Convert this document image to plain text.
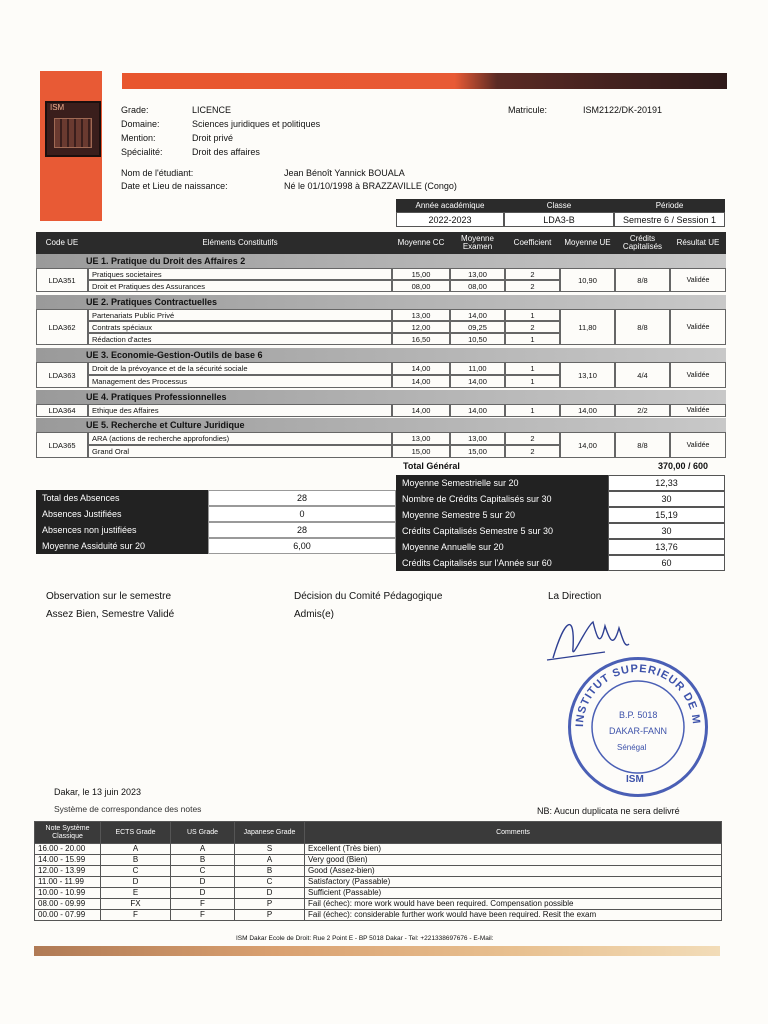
ISM	Grade:	LICENCE
Domaine:	Sciences juridiques et politiques
Mention:	Droit privé
Spécialité:	Droit des affaires
Matricule:	ISM2122/DK-20191
Nom de l'étudiant:	Jean Bénoît Yannick BOUALA
Date et Lieu de naissance:	Né le 01/10/1998 à BRAZZAVILLE (Congo)
Année académique	Classe	Période
2022-2023	LDA3-B	Semestre 6 / Session 1
Code UE	Eléments Constitutifs	Moyenne CC	Moyenne Examen	Coefficient	Moyenne UE	Crédits Capitalisés	Résultat UE
UE 1. Pratique du Droit des Affaires 2
LDA351
Pratiques societaires	15,00	13,00	2
Droit et Pratiques des Assurances	08,00	08,00	2
10,90	8/8	Validée
UE 2. Pratiques Contractuelles
LDA362
Partenariats Public Privé	13,00	14,00	1
Contrats spéciaux	12,00	09,25	2
Rédaction d'actes	16,50	10,50	1
11,80	8/8	Validée
UE 3. Economie-Gestion-Outils de base 6
LDA363
Droit de la prévoyance et de la sécurité sociale	14,00	11,00	1
Management des Processus	14,00	14,00	1
13,10	4/4	Validée
UE 4. Pratiques Professionnelles
LDA364	Ethique des Affaires	14,00	14,00	1	14,00	2/2	Validée
UE 5. Recherche et Culture Juridique
LDA365
ARA (actions de recherche approfondies)	13,00	13,00	2
Grand Oral	15,00	15,00	2
14,00	8/8	Validée
Total Général	370,00 / 600
Moyenne Semestrielle sur 20	12,33
Nombre de Crédits Capitalisés sur 30	30
Moyenne Semestre 5 sur 20	15,19
Crédits Capitalisés Semestre 5 sur 30	30
Moyenne Annuelle sur 20	13,76
Crédits Capitalisés sur l'Année sur 60	60
Total des Absences	28
Absences Justifiées	0
Absences non justifiées	28
Moyenne Assiduité sur 20	6,00
Observation sur le semestre
Assez Bien, Semestre Validé
Décision du Comité Pédagogique
Admis(e)
La Direction
INSTITUT SUPERIEUR DE M
B.P. 5018
DAKAR-FANN
Sénégal
ISM
Dakar, le 13 juin 2023
Système de correspondance des notes	NB: Aucun duplicata ne sera delivré
Note Système Classique	ECTS Grade	US Grade	Japanese Grade	Comments
16.00 - 20.00	A	A	S	Excellent (Très bien)
14.00 - 15.99	B	B	A	Very good (Bien)
12.00 - 13.99	C	C	B	Good (Assez-bien)
11.00 - 11.99	D	D	C	Satisfactory (Passable)
10.00 - 10.99	E	D	D	Sufficient (Passable)
08.00 - 09.99	FX	F	P	Fail (échec): more work would have been required. Compensation possible
00.00 - 07.99	F	F	P	Fail (échec): considerable further work would have been required. Resit the exam
ISM Dakar Ecole de Droit: Rue 2 Point E - BP 5018 Dakar - Tel: +221338697676 - E-Mail:
